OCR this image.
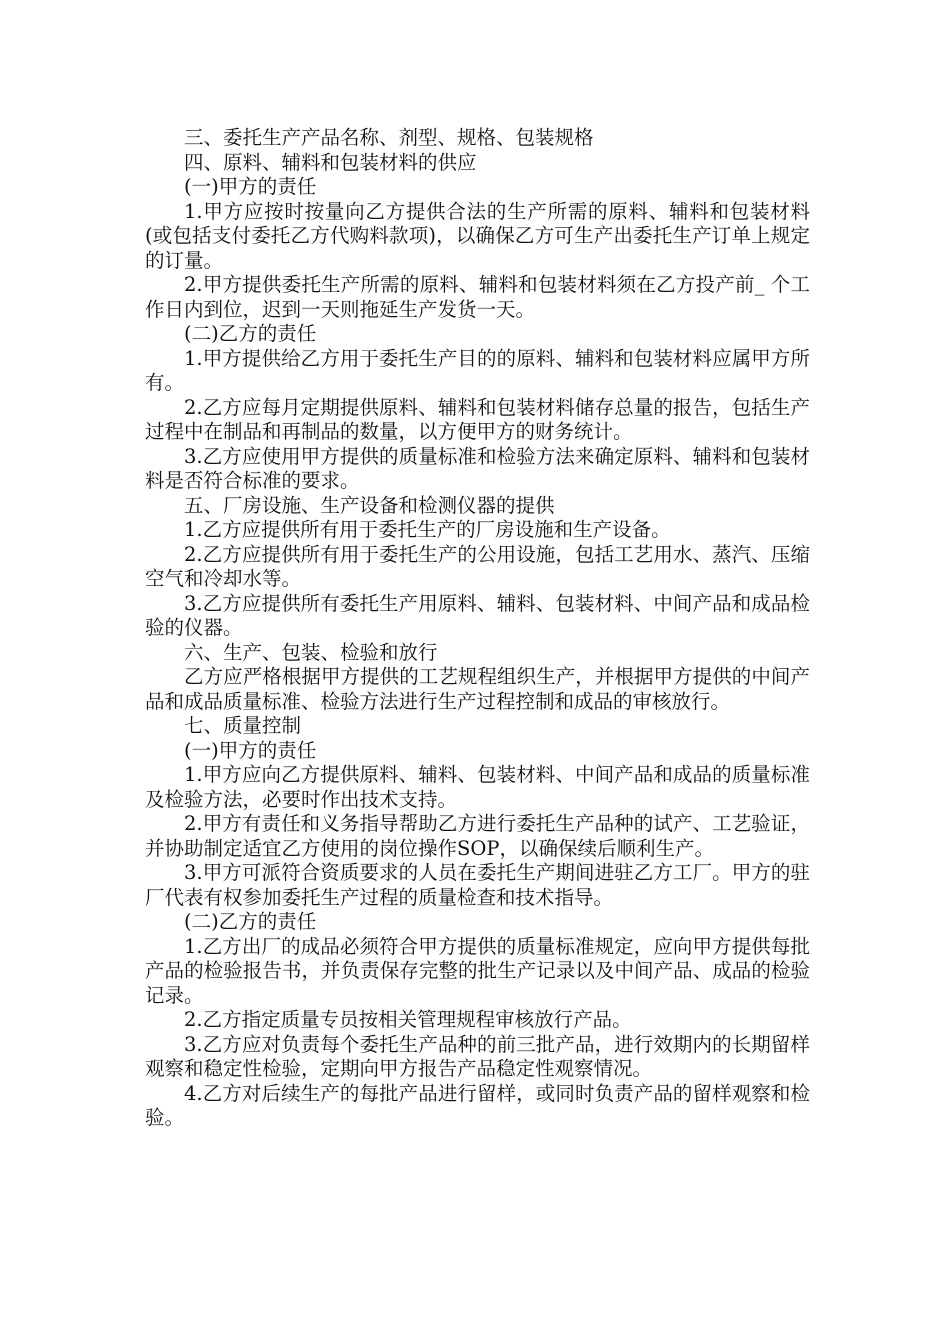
三、委托生产产品名称、剂型、规格、包装规格

四、原料、辅料和包装材料的供应

(一)甲方的责任

1.甲方应按时按量向乙方提供合法的生产所需的原料、辅料和包装材料(或包括支付委托乙方代购料款项)，以确保乙方可生产出委托生产订单上规定的订量。

2.甲方提供委托生产所需的原料、辅料和包装材料须在乙方投产前_ 个工作日内到位，迟到一天则拖延生产发货一天。

(二)乙方的责任

1.甲方提供给乙方用于委托生产目的的原料、辅料和包装材料应属甲方所有。

2.乙方应每月定期提供原料、辅料和包装材料储存总量的报告，包括生产过程中在制品和再制品的数量，以方便甲方的财务统计。

3.乙方应使用甲方提供的质量标准和检验方法来确定原料、辅料和包装材料是否符合标准的要求。

五、厂房设施、生产设备和检测仪器的提供

1.乙方应提供所有用于委托生产的厂房设施和生产设备。

2.乙方应提供所有用于委托生产的公用设施，包括工艺用水、蒸汽、压缩空气和冷却水等。

3.乙方应提供所有委托生产用原料、辅料、包装材料、中间产品和成品检验的仪器。

六、生产、包装、检验和放行

乙方应严格根据甲方提供的工艺规程组织生产，并根据甲方提供的中间产品和成品质量标准、检验方法进行生产过程控制和成品的审核放行。

七、质量控制

(一)甲方的责任

1.甲方应向乙方提供原料、辅料、包装材料、中间产品和成品的质量标准及检验方法，必要时作出技术支持。

2.甲方有责任和义务指导帮助乙方进行委托生产品种的试产、工艺验证，并协助制定适宜乙方使用的岗位操作SOP，以确保续后顺利生产。

3.甲方可派符合资质要求的人员在委托生产期间进驻乙方工厂。甲方的驻厂代表有权参加委托生产过程的质量检查和技术指导。

(二)乙方的责任

1.乙方出厂的成品必须符合甲方提供的质量标准规定，应向甲方提供每批产品的检验报告书，并负责保存完整的批生产记录以及中间产品、成品的检验记录。

2.乙方指定质量专员按相关管理规程审核放行产品。

3.乙方应对负责每个委托生产品种的前三批产品，进行效期内的长期留样观察和稳定性检验，定期向甲方报告产品稳定性观察情况。

4.乙方对后续生产的每批产品进行留样，或同时负责产品的留样观察和检验。
